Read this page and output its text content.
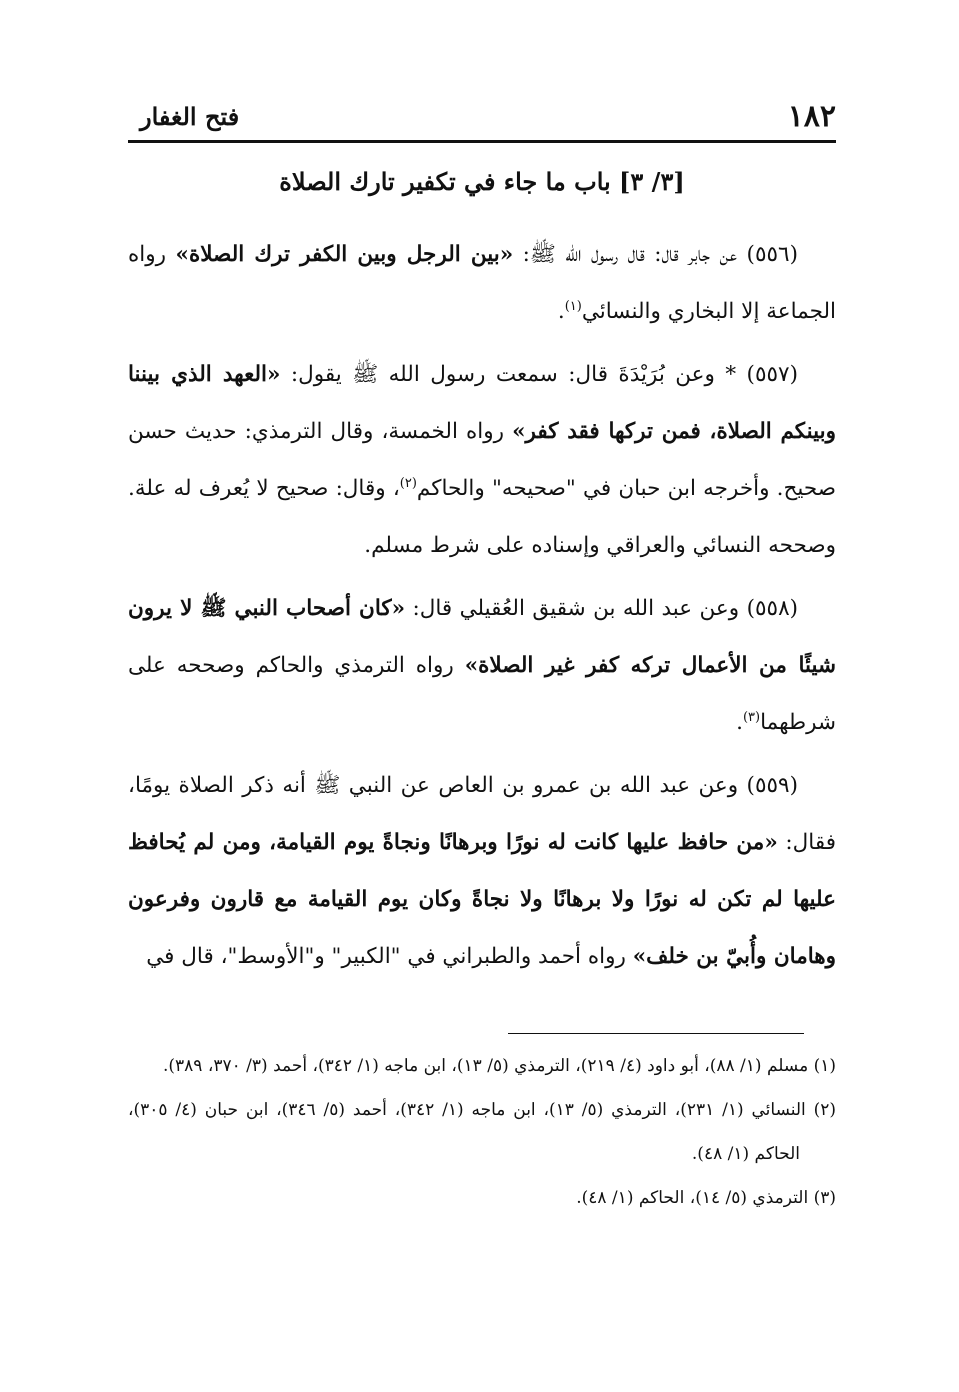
١٨٢
فتح الغفار
[٣/ ٣] باب ما جاء في تكفير تارك الصلاة

(٥٥٦) عن جابر قال: قال رسول الله ﷺ: «بين الرجل وبين الكفر ترك الصلاة» رواه الجماعة إلا البخاري والنسائي$^{(١)}$.

(٥٥٧) * وعن بُرَيْدَةَ قال: سمعت رسول الله ﷺ يقول: «العهد الذي بيننا وبينكم الصلاة، فمن تركها فقد كفر» رواه الخمسة، وقال الترمذي: حديث حسن صحيح. وأخرجه ابن حبان في "صحيحه" والحاكم$^{(٢)}$، وقال: صحيح لا يُعرف له علة. وصححه النسائي والعراقي وإسناده على شرط مسلم.

(٥٥٨) وعن عبد الله بن شقيق العُقيلي قال: «كان أصحاب النبي ﷺ لا يرون شيئًا من الأعمال تركه كفر غير الصلاة» رواه الترمذي والحاكم وصححه على شرطهما$^{(٣)}$.

(٥٥٩) وعن عبد الله بن عمرو بن العاص عن النبي ﷺ أنه ذكر الصلاة يومًا، فقال: «من حافظ عليها كانت له نورًا وبرهانًا ونجاةً يوم القيامة، ومن لم يُحافظ عليها لم تكن له نورًا ولا برهانًا ولا نجاةً وكان يوم القيامة مع قارون وفرعون وهامان وأُبيّ بن خلف» رواه أحمد والطبراني في "الكبير" و"الأوسط"، قال في

(١) مسلم (١/ ٨٨)، أبو داود (٤/ ٢١٩)، الترمذي (٥/ ١٣)، ابن ماجه (١/ ٣٤٢)، أحمد (٣/ ٣٧٠، ٣٨٩).

(٢) النسائي (١/ ٢٣١)، الترمذي (٥/ ١٣)، ابن ماجه (١/ ٣٤٢)، أحمد (٥/ ٣٤٦)، ابن حبان (٤/ ٣٠٥)، الحاكم (١/ ٤٨).

(٣) الترمذي (٥/ ١٤)، الحاكم (١/ ٤٨).
